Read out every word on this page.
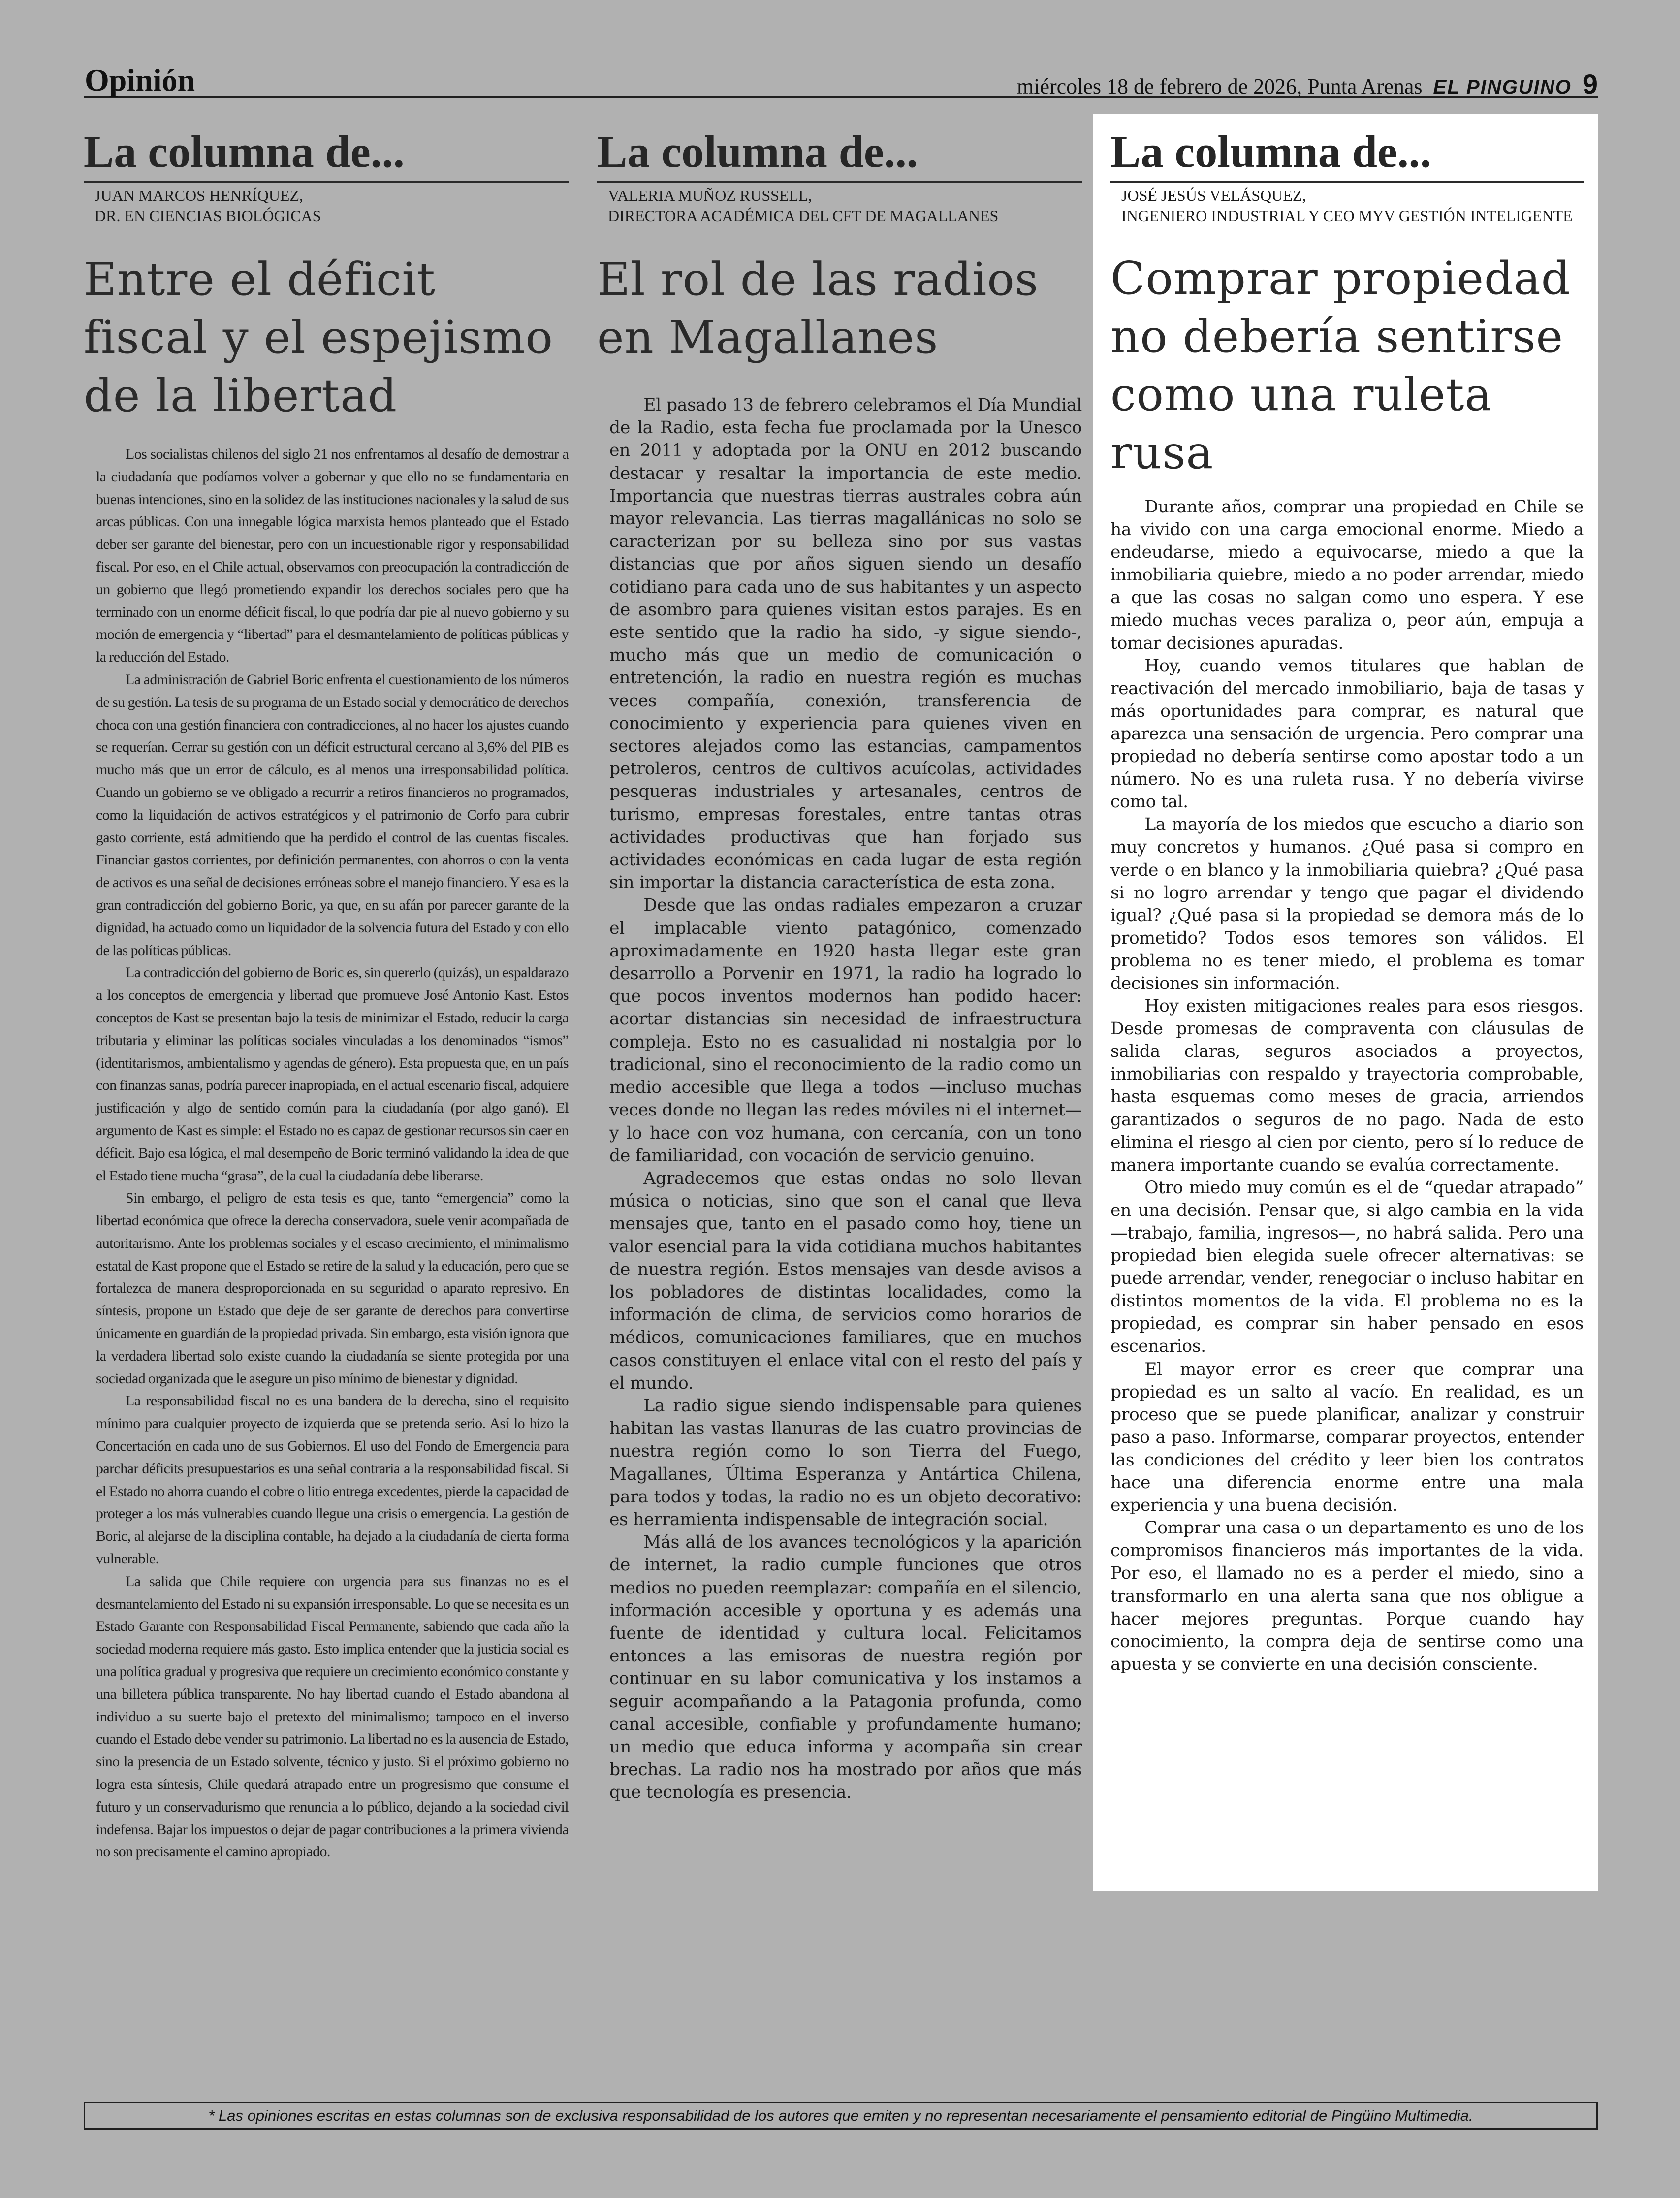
Opinión	miércoles 18 de febrero de 2026, Punta Arenas EL PINGUINO 9
La columna de...
JUAN MARCOS HENRÍQUEZ,
DR. EN CIENCIAS BIOLÓGICAS
Entre el déficit fiscal y el espejismo de la libertad

Los socialistas chilenos del siglo 21 nos enfrentamos al desafío de demostrar a la ciudadanía que podíamos volver a gobernar y que ello no se fundamentaria en buenas intenciones, sino en la solidez de las instituciones nacionales y la salud de sus arcas públicas. Con una innegable lógica marxista hemos planteado que el Estado deber ser garante del bienestar, pero con un incuestionable rigor y responsabilidad fiscal. Por eso, en el Chile actual, observamos con preocupación la contradicción de un gobierno que llegó prometiendo expandir los derechos sociales pero que ha terminado con un enorme déficit fiscal, lo que podría dar pie al nuevo gobierno y su moción de emergencia y “libertad” para el desmantelamiento de políticas públicas y la reducción del Estado.

La administración de Gabriel Boric enfrenta el cuestionamiento de los números de su gestión. La tesis de su programa de un Estado social y democrático de derechos choca con una gestión financiera con contradicciones, al no hacer los ajustes cuando se requerían. Cerrar su gestión con un déficit estructural cercano al 3,6% del PIB es mucho más que un error de cálculo, es al menos una irresponsabilidad política. Cuando un gobierno se ve obligado a recurrir a retiros financieros no programados, como la liquidación de activos estratégicos y el patrimonio de Corfo para cubrir gasto corriente, está admitiendo que ha perdido el control de las cuentas fiscales. Financiar gastos corrientes, por definición permanentes, con ahorros o con la venta de activos es una señal de decisiones erróneas sobre el manejo financiero. Y esa es la gran contradicción del gobierno Boric, ya que, en su afán por parecer garante de la dignidad, ha actuado como un liquidador de la solvencia futura del Estado y con ello de las políticas públicas.

La contradicción del gobierno de Boric es, sin quererlo (quizás), un espaldarazo a los conceptos de emergencia y libertad que promueve José Antonio Kast. Estos conceptos de Kast se presentan bajo la tesis de minimizar el Estado, reducir la carga tributaria y eliminar las políticas sociales vinculadas a los denominados “ismos” (identitarismos, ambientalismo y agendas de género). Esta propuesta que, en un país con finanzas sanas, podría parecer inapropiada, en el actual escenario fiscal, adquiere justificación y algo de sentido común para la ciudadanía (por algo ganó). El argumento de Kast es simple: el Estado no es capaz de gestionar recursos sin caer en déficit. Bajo esa lógica, el mal desempeño de Boric terminó validando la idea de que el Estado tiene mucha “grasa”, de la cual la ciudadanía debe liberarse.

Sin embargo, el peligro de esta tesis es que, tanto “emergencia” como la libertad económica que ofrece la derecha conservadora, suele venir acompañada de autoritarismo. Ante los problemas sociales y el escaso crecimiento, el minimalismo estatal de Kast propone que el Estado se retire de la salud y la educación, pero que se fortalezca de manera desproporcionada en su seguridad o aparato represivo. En síntesis, propone un Estado que deje de ser garante de derechos para convertirse únicamente en guardián de la propiedad privada. Sin embargo, esta visión ignora que la verdadera libertad solo existe cuando la ciudadanía se siente protegida por una sociedad organizada que le asegure un piso mínimo de bienestar y dignidad.

La responsabilidad fiscal no es una bandera de la derecha, sino el requisito mínimo para cualquier proyecto de izquierda que se pretenda serio. Así lo hizo la Concertación en cada uno de sus Gobiernos. El uso del Fondo de Emergencia para parchar déficits presupuestarios es una señal contraria a la responsabilidad fiscal. Si el Estado no ahorra cuando el cobre o litio entrega excedentes, pierde la capacidad de proteger a los más vulnerables cuando llegue una crisis o emergencia. La gestión de Boric, al alejarse de la disciplina contable, ha dejado a la ciudadanía de cierta forma vulnerable.

La salida que Chile requiere con urgencia para sus finanzas no es el desmantelamiento del Estado ni su expansión irresponsable. Lo que se necesita es un Estado Garante con Responsabilidad Fiscal Permanente, sabiendo que cada año la sociedad moderna requiere más gasto. Esto implica entender que la justicia social es una política gradual y progresiva que requiere un crecimiento económico constante y una billetera pública transparente. No hay libertad cuando el Estado abandona al individuo a su suerte bajo el pretexto del minimalismo; tampoco en el inverso cuando el Estado debe vender su patrimonio. La libertad no es la ausencia de Estado, sino la presencia de un Estado solvente, técnico y justo. Si el próximo gobierno no logra esta síntesis, Chile quedará atrapado entre un progresismo que consume el futuro y un conservadurismo que renuncia a lo público, dejando a la sociedad civil indefensa. Bajar los impuestos o dejar de pagar contribuciones a la primera vivienda no son precisamente el camino apropiado.

La columna de...
VALERIA MUÑOZ RUSSELL,
DIRECTORA ACADÉMICA DEL CFT DE MAGALLANES
El rol de las radios en Magallanes

El pasado 13 de febrero celebramos el Día Mundial de la Radio, esta fecha fue proclamada por la Unesco en 2011 y adoptada por la ONU en 2012 buscando destacar y resaltar la importancia de este medio. Importancia que nuestras tierras australes cobra aún mayor relevancia. Las tierras magallánicas no solo se caracterizan por su belleza sino por sus vastas distancias que por años siguen siendo un desafío cotidiano para cada uno de sus habitantes y un aspecto de asombro para quienes visitan estos parajes. Es en este sentido que la radio ha sido, -y sigue siendo-, mucho más que un medio de comunicación o entretención, la radio en nuestra región es muchas veces compañía, conexión, transferencia de conocimiento y experiencia para quienes viven en sectores alejados como las estancias, campamentos petroleros, centros de cultivos acuícolas, actividades pesqueras industriales y artesanales, centros de turismo, empresas forestales, entre tantas otras actividades productivas que han forjado sus actividades económicas en cada lugar de esta región sin importar la distancia característica de esta zona.

Desde que las ondas radiales empezaron a cruzar el implacable viento patagónico, comenzado aproximadamente en 1920 hasta llegar este gran desarrollo a Porvenir en 1971, la radio ha logrado lo que pocos inventos modernos han podido hacer: acortar distancias sin necesidad de infraestructura compleja. Esto no es casualidad ni nostalgia por lo tradicional, sino el reconocimiento de la radio como un medio accesible que llega a todos —incluso muchas veces donde no llegan las redes móviles ni el internet— y lo hace con voz humana, con cercanía, con un tono de familiaridad, con vocación de servicio genuino.

Agradecemos que estas ondas no solo llevan música o noticias, sino que son el canal que lleva mensajes que, tanto en el pasado como hoy, tiene un valor esencial para la vida cotidiana muchos habitantes de nuestra región. Estos mensajes van desde avisos a los pobladores de distintas localidades, como la información de clima, de servicios como horarios de médicos, comunicaciones familiares, que en muchos casos constituyen el enlace vital con el resto del país y el mundo.

La radio sigue siendo indispensable para quienes habitan las vastas llanuras de las cuatro provincias de nuestra región como lo son Tierra del Fuego, Magallanes, Última Esperanza y Antártica Chilena, para todos y todas, la radio no es un objeto decorativo: es herramienta indispensable de integración social.

Más allá de los avances tecnológicos y la aparición de internet, la radio cumple funciones que otros medios no pueden reemplazar: compañía en el silencio, información accesible y oportuna y es además una fuente de identidad y cultura local. Felicitamos entonces a las emisoras de nuestra región por continuar en su labor comunicativa y los instamos a seguir acompañando a la Patagonia profunda, como canal accesible, confiable y profundamente humano; un medio que educa informa y acompaña sin crear brechas. La radio nos ha mostrado por años que más que tecnología es presencia.

La columna de...
JOSÉ JESÚS VELÁSQUEZ,
INGENIERO INDUSTRIAL Y CEO MYV GESTIÓN INTELIGENTE
Comprar propiedad no debería sentirse como una ruleta rusa

Durante años, comprar una propiedad en Chile se ha vivido con una carga emocional enorme. Miedo a endeudarse, miedo a equivocarse, miedo a que la inmobiliaria quiebre, miedo a no poder arrendar, miedo a que las cosas no salgan como uno espera. Y ese miedo muchas veces paraliza o, peor aún, empuja a tomar decisiones apuradas.

Hoy, cuando vemos titulares que hablan de reactivación del mercado inmobiliario, baja de tasas y más oportunidades para comprar, es natural que aparezca una sensación de urgencia. Pero comprar una propiedad no debería sentirse como apostar todo a un número. No es una ruleta rusa. Y no debería vivirse como tal.

La mayoría de los miedos que escucho a diario son muy concretos y humanos. ¿Qué pasa si compro en verde o en blanco y la inmobiliaria quiebra? ¿Qué pasa si no logro arrendar y tengo que pagar el dividendo igual? ¿Qué pasa si la propiedad se demora más de lo prometido? Todos esos temores son válidos. El problema no es tener miedo, el problema es tomar decisiones sin información.

Hoy existen mitigaciones reales para esos riesgos. Desde promesas de compraventa con cláusulas de salida claras, seguros asociados a proyectos, inmobiliarias con respaldo y trayectoria comprobable, hasta esquemas como meses de gracia, arriendos garantizados o seguros de no pago. Nada de esto elimina el riesgo al cien por ciento, pero sí lo reduce de manera importante cuando se evalúa correctamente.

Otro miedo muy común es el de “quedar atrapado” en una decisión. Pensar que, si algo cambia en la vida —trabajo, familia, ingresos—, no habrá salida. Pero una propiedad bien elegida suele ofrecer alternativas: se puede arrendar, vender, renegociar o incluso habitar en distintos momentos de la vida. El problema no es la propiedad, es comprar sin haber pensado en esos escenarios.

El mayor error es creer que comprar una propiedad es un salto al vacío. En realidad, es un proceso que se puede planificar, analizar y construir paso a paso. Informarse, comparar proyectos, entender las condiciones del crédito y leer bien los contratos hace una diferencia enorme entre una mala experiencia y una buena decisión.

Comprar una casa o un departamento es uno de los compromisos financieros más importantes de la vida. Por eso, el llamado no es a perder el miedo, sino a transformarlo en una alerta sana que nos obligue a hacer mejores preguntas. Porque cuando hay conocimiento, la compra deja de sentirse como una apuesta y se convierte en una decisión consciente.

* Las opiniones escritas en estas columnas son de exclusiva responsabilidad de los autores que emiten y no representan necesariamente el pensamiento editorial de Pingüino Multimedia.
